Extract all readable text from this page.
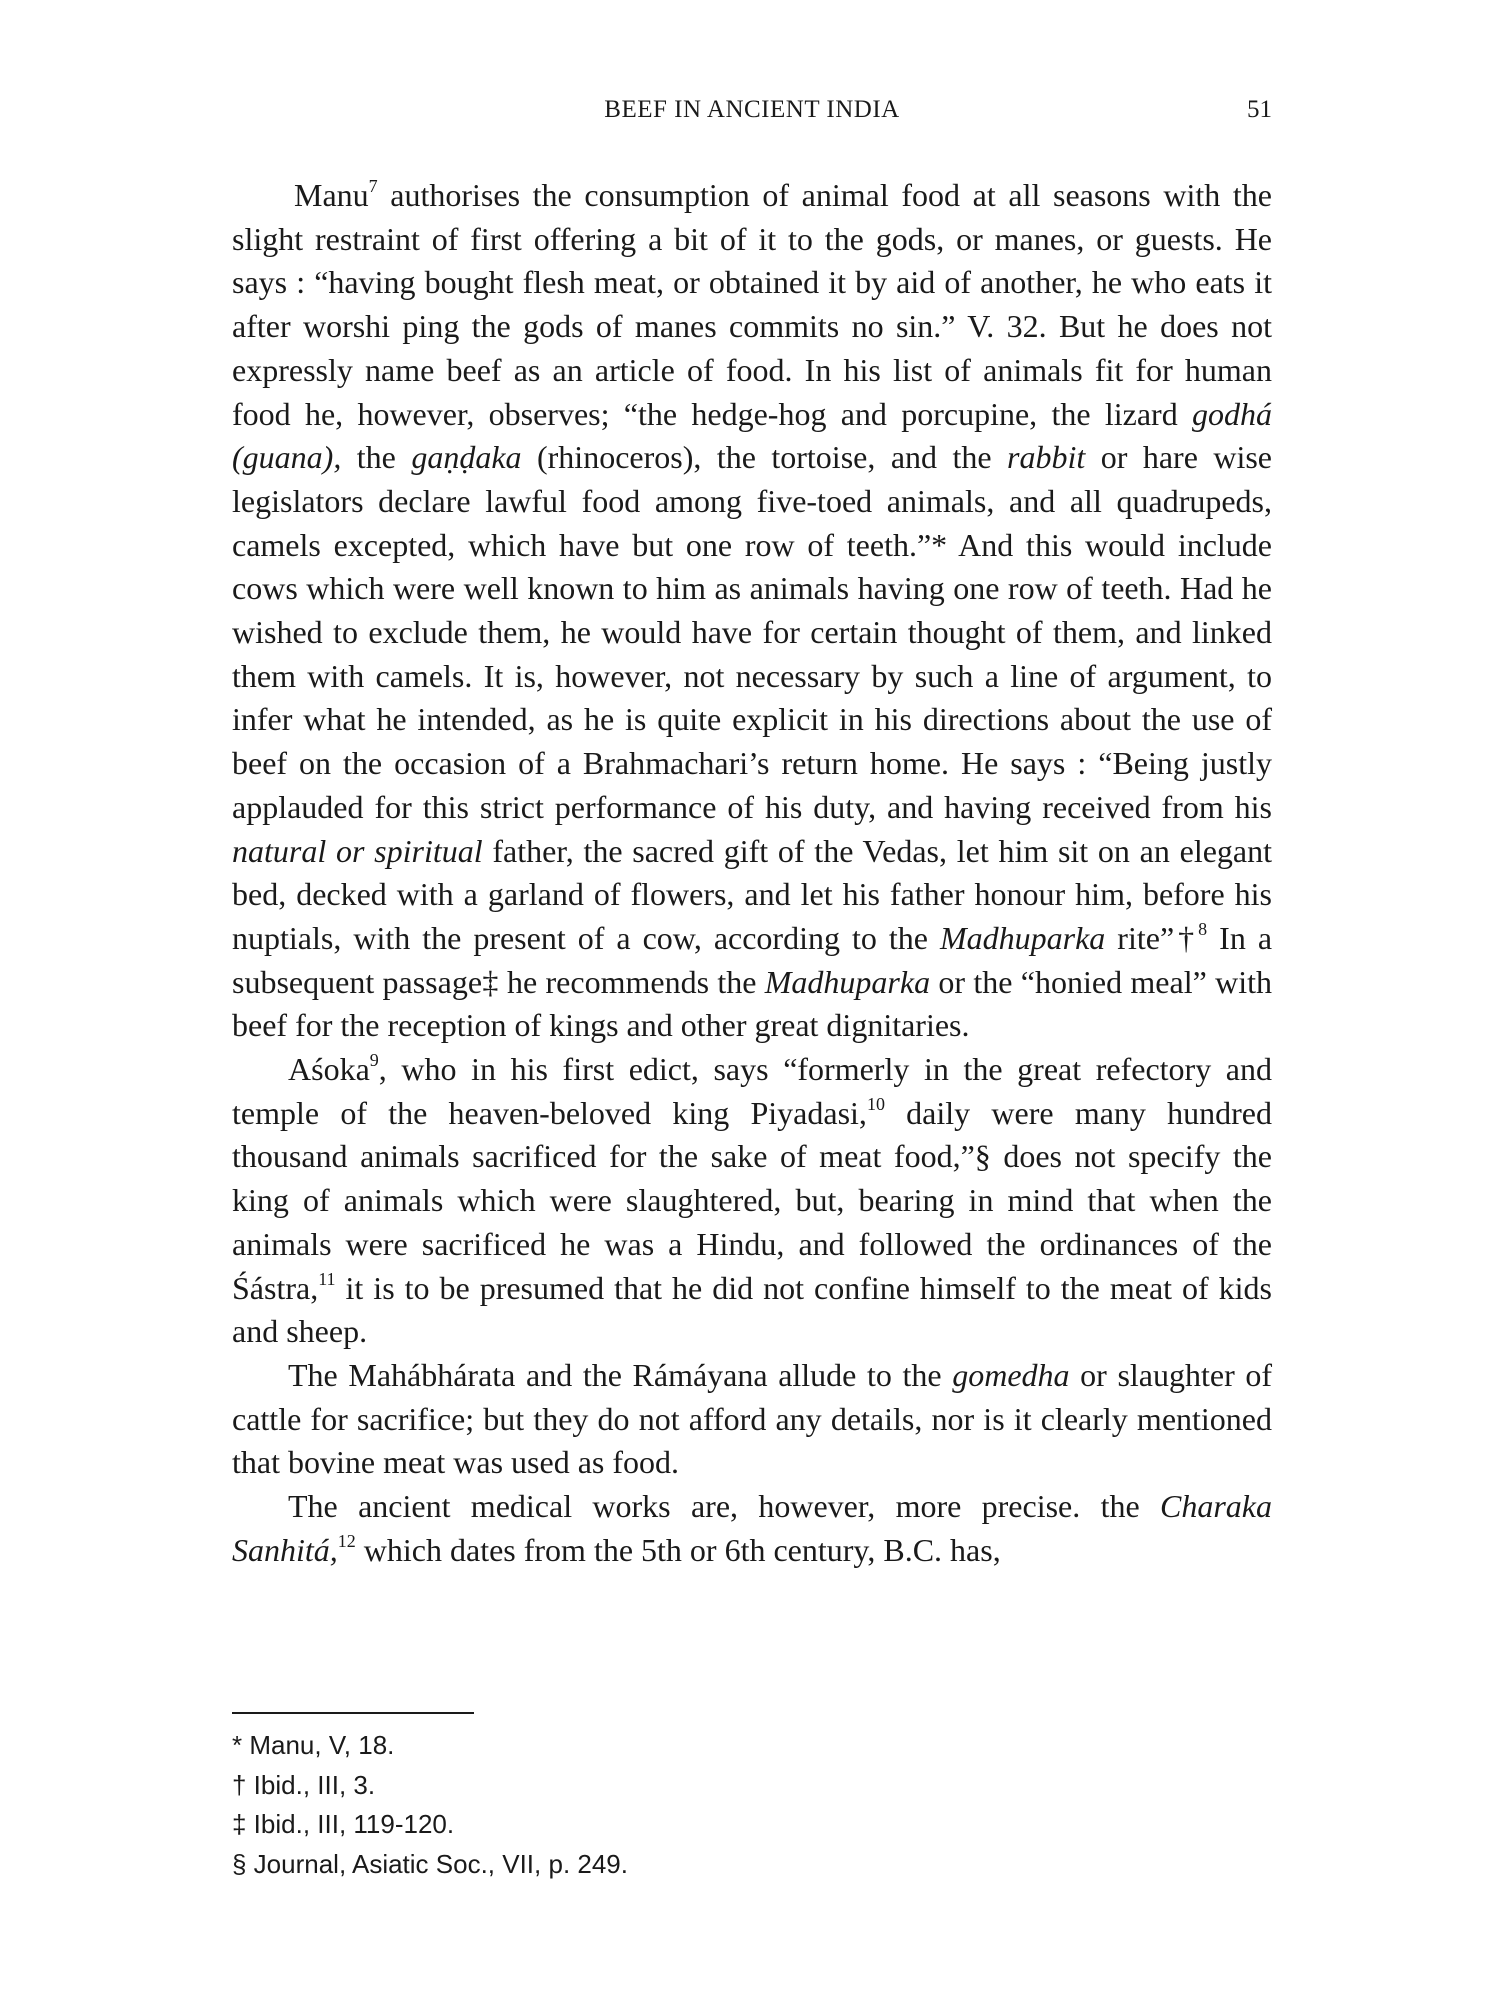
BEEF IN ANCIENT INDIA	51

Manu$^7$ authorises the consumption of animal food at all seasons with the slight restraint of first offering a bit of it to the gods, or manes, or guests. He says : “having bought flesh meat, or obtained it by aid of another, he who eats it after worshi ping the gods of manes commits no sin.” V. 32. But he does not expressly name beef as an article of food. In his list of animals fit for human food he, however, observes; “the hedge-hog and porcupine, the lizard godhá (guana), the gaṇḍaka (rhinoceros), the tortoise, and the rabbit or hare wise legislators declare lawful food among five-toed animals, and all quadrupeds, camels excepted, which have but one row of teeth.”* And this would include cows which were well known to him as animals having one row of teeth. Had he wished to exclude them, he would have for certain thought of them, and linked them with camels. It is, however, not necessary by such a line of argument, to infer what he intended, as he is quite explicit in his directions about the use of beef on the occasion of a Brahmachari’s return home. He says : “Being justly applauded for this strict performance of his duty, and having received from his natural or spiritual father, the sacred gift of the Vedas, let him sit on an elegant bed, decked with a garland of flowers, and let his father honour him, before his nuptials, with the present of a cow, according to the Madhuparka rite”†$^8$ In a subsequent passage‡ he recommends the Madhuparka or the “honied meal” with beef for the reception of kings and other great dignitaries.

Aśoka$^9$, who in his first edict, says “formerly in the great refectory and temple of the heaven-beloved king Piyadasi,$^{10}$ daily were many hundred thousand animals sacrificed for the sake of meat food,”§ does not specify the king of animals which were slaughtered, but, bearing in mind that when the animals were sacrificed he was a Hindu, and followed the ordinances of the Śástra,$^{11}$ it is to be presumed that he did not confine himself to the meat of kids and sheep.

The Mahábhárata and the Rámáyana allude to the gomedha or slaughter of cattle for sacrifice; but they do not afford any details, nor is it clearly mentioned that bovine meat was used as food.

The ancient medical works are, however, more precise. the Charaka Sanhitá,$^{12}$ which dates from the 5th or 6th century, B.C. has,

* Manu, V, 18.
† Ibid., III, 3.
‡ Ibid., III, 119-120.
§ Journal, Asiatic Soc., VII, p. 249.
